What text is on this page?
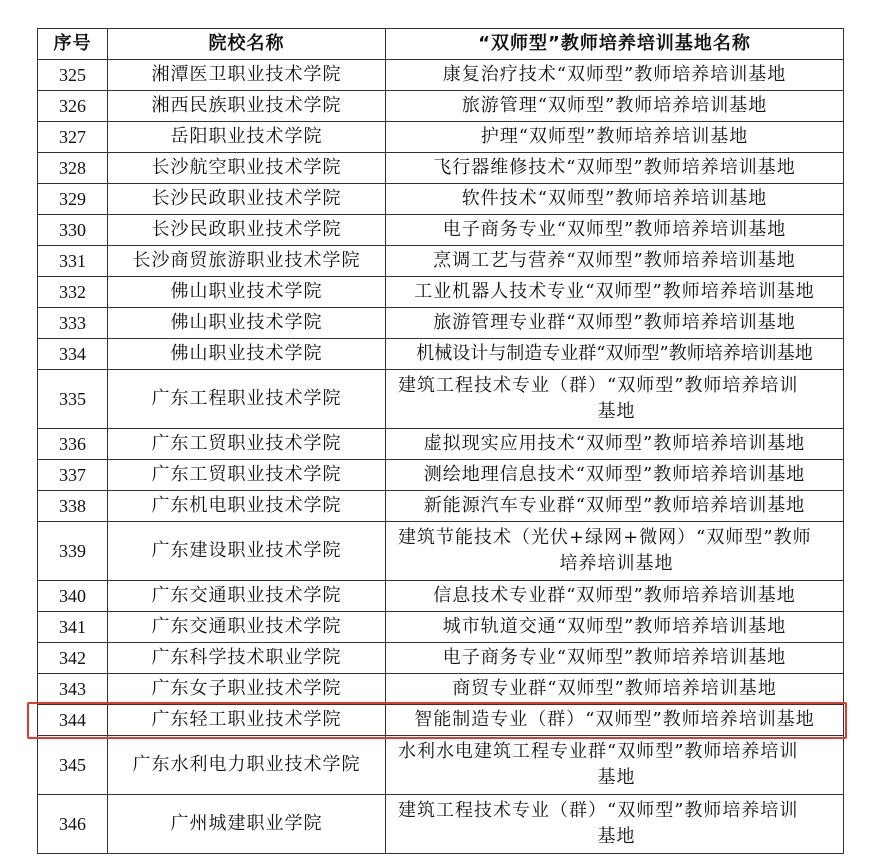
序号	院校名称	“双师型”教师培养培训基地名称
325	湘潭医卫职业技术学院	康复治疗技术“双师型”教师培养培训基地
326	湘西民族职业技术学院	旅游管理“双师型”教师培养培训基地
327	岳阳职业技术学院	护理“双师型”教师培养培训基地
328	长沙航空职业技术学院	飞行器维修技术“双师型”教师培养培训基地
329	长沙民政职业技术学院	软件技术“双师型”教师培养培训基地
330	长沙民政职业技术学院	电子商务专业“双师型”教师培养培训基地
331	长沙商贸旅游职业技术学院	烹调工艺与营养“双师型”教师培养培训基地
332	佛山职业技术学院	工业机器人技术专业“双师型”教师培养培训基地
333	佛山职业技术学院	旅游管理专业群“双师型”教师培养培训基地
334	佛山职业技术学院	机械设计与制造专业群“双师型”教师培养培训基地
335	广东工程职业技术学院	建筑工程技术专业（群）“双师型”教师培养培训
基地

336	广东工贸职业技术学院	虚拟现实应用技术“双师型”教师培养培训基地
337	广东工贸职业技术学院	测绘地理信息技术“双师型”教师培养培训基地
338	广东机电职业技术学院	新能源汽车专业群“双师型”教师培养培训基地
339	广东建设职业技术学院	建筑节能技术（光伏+绿网+微网）“双师型”教师
培养培训基地

340	广东交通职业技术学院	信息技术专业群“双师型”教师培养培训基地
341	广东交通职业技术学院	城市轨道交通“双师型”教师培养培训基地
342	广东科学技术职业学院	电子商务专业“双师型”教师培养培训基地
343	广东女子职业技术学院	商贸专业群“双师型”教师培养培训基地
344	广东轻工职业技术学院	智能制造专业（群）“双师型”教师培养培训基地
345	广东水利电力职业技术学院	水利水电建筑工程专业群“双师型”教师培养培训
基地

346	广州城建职业学院	建筑工程技术专业（群）“双师型”教师培养培训
基地
